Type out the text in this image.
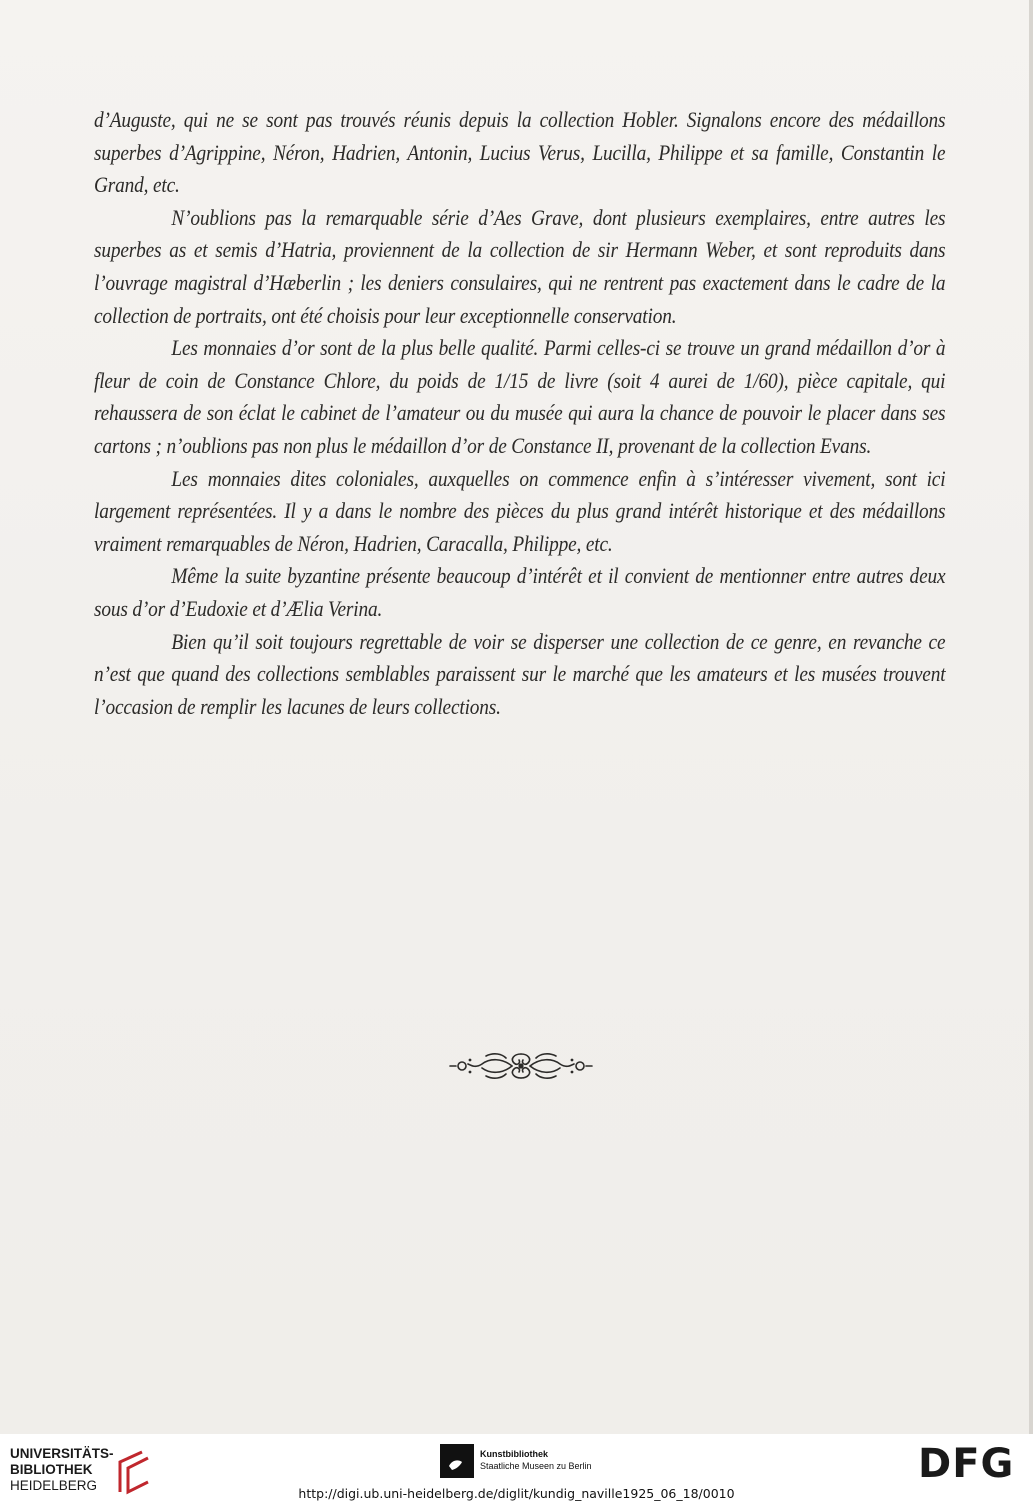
d’Auguste, qui ne se sont pas trouvés réunis depuis la collection Hobler. Signalons encore des médaillons superbes d’Agrippine, Néron, Hadrien, Antonin, Lucius Verus, Lucilla, Philippe et sa famille, Constantin le Grand, etc.

N’oublions pas la remarquable série d’Aes Grave, dont plusieurs exemplaires, entre autres les superbes as et semis d’Hatria, proviennent de la collection de sir Hermann Weber, et sont reproduits dans l’ouvrage magistral d’Hæberlin ; les deniers consulaires, qui ne rentrent pas exactement dans le cadre de la collection de portraits, ont été choisis pour leur exceptionnelle conservation.

Les monnaies d’or sont de la plus belle qualité. Parmi celles-ci se trouve un grand médaillon d’or à fleur de coin de Constance Chlore, du poids de 1/15 de livre (soit 4 aurei de 1/60), pièce capitale, qui rehaussera de son éclat le cabinet de l’amateur ou du musée qui aura la chance de pouvoir le placer dans ses cartons ; n’oublions pas non plus le médaillon d’or de Constance II, provenant de la collection Evans.

Les monnaies dites coloniales, auxquelles on commence enfin à s’intéresser vivement, sont ici largement représentées. Il y a dans le nombre des pièces du plus grand intérêt historique et des médaillons vraiment remarquables de Néron, Hadrien, Caracalla, Philippe, etc.

Même la suite byzantine présente beaucoup d’intérêt et il convient de mentionner entre autres deux sous d’or d’Eudoxie et d’Ælia Verina.

Bien qu’il soit toujours regrettable de voir se disperser une collection de ce genre, en revanche ce n’est que quand des collections semblables paraissent sur le marché que les amateurs et les musées trouvent l’occasion de remplir les lacunes de leurs collections.

UNIVERSITÄTS-
BIBLIOTHEK
HEIDELBERG
Kunstbibliothek
Staatliche Museen zu Berlin	DFG
http://digi.ub.uni-heidelberg.de/diglit/kundig_naville1925_06_18/0010
